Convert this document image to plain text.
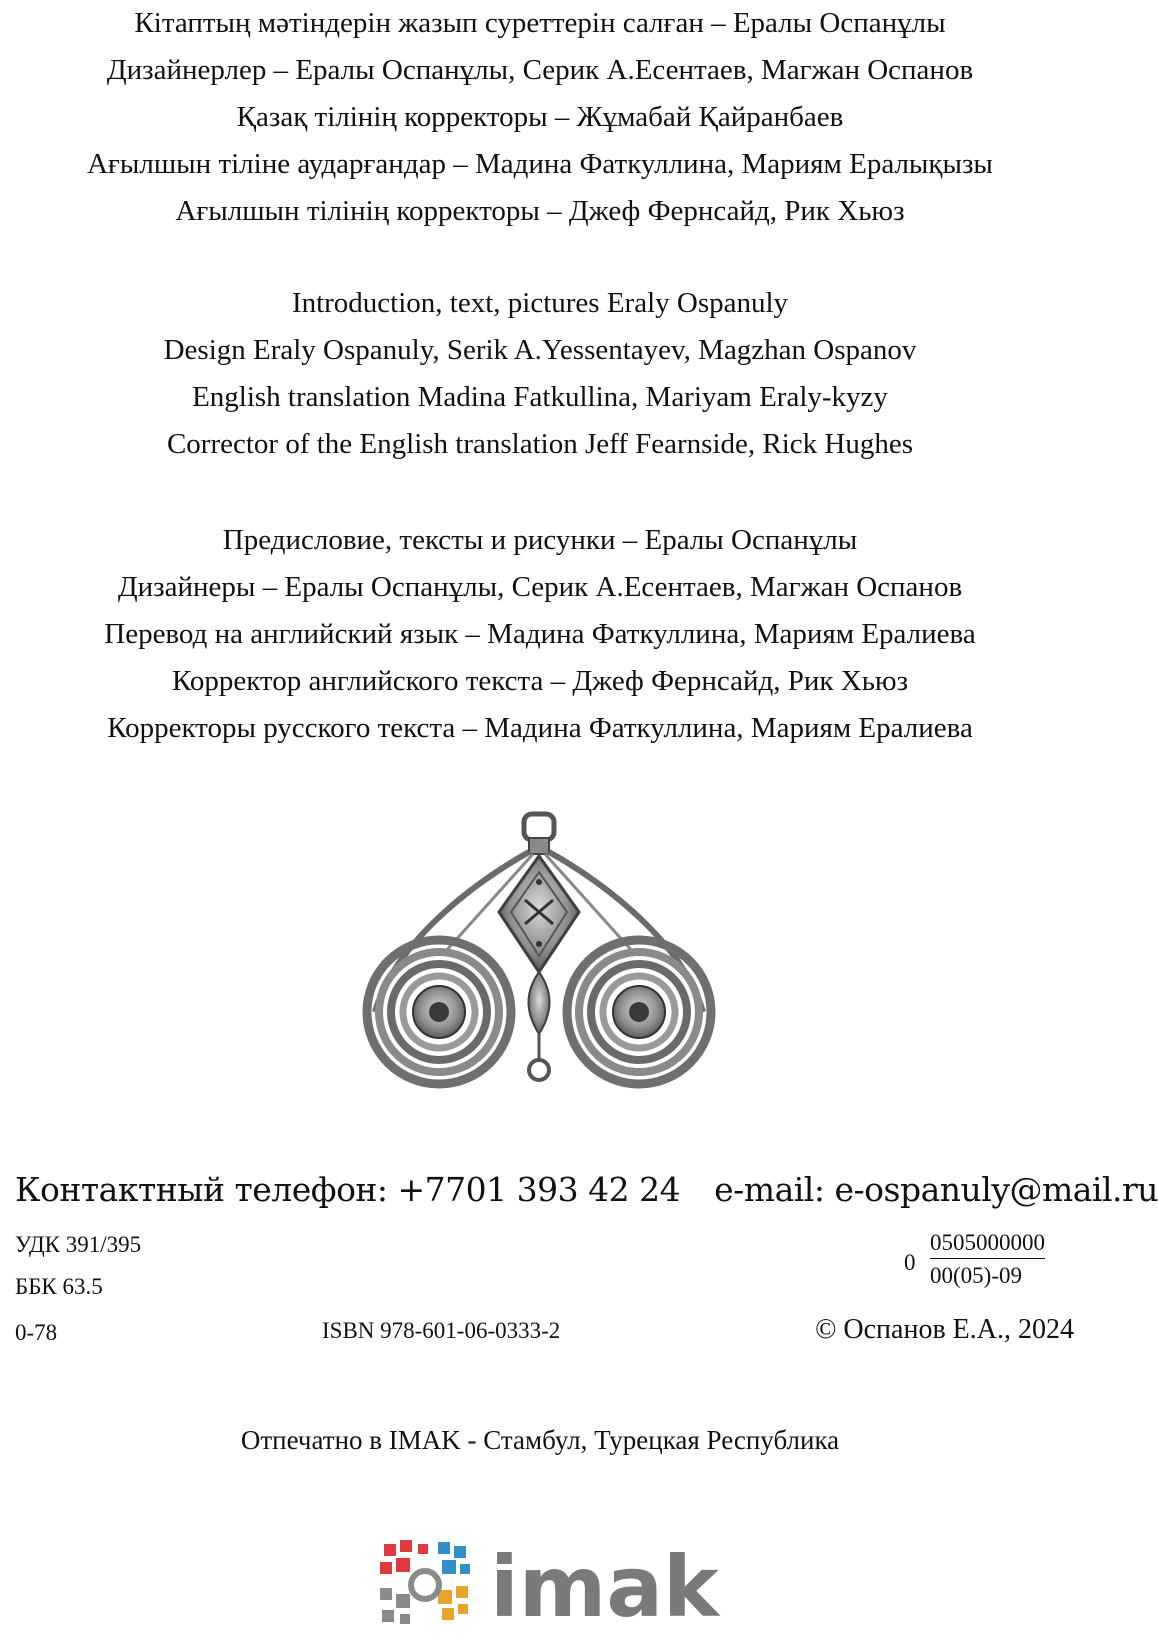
Кітаптың мәтіндерін жазып суреттерін салған – Ералы Оспанұлы
Дизайнерлер – Ералы Оспанұлы, Серик А.Есентаев, Магжан Оспанов
Қазақ тілінің корректоры – Жұмабай Қайранбаев
Ағылшын тіліне аударғандар – Мадина Фаткуллина, Мариям Ералықызы
Ағылшын тілінің корректоры – Джеф Фернсайд, Рик Хьюз
Introduction, text, pictures Eraly Ospanuly
Design Eraly Ospanuly, Serik A.Yessentayev, Magzhan Ospanov
English translation Madina Fatkullina, Mariyam Eraly-kyzy
Corrector of the English translation Jeff Fearnside, Rick Hughes
Предисловие, тексты и рисунки – Ералы Оспанұлы
Дизайнеры – Ералы Оспанұлы, Серик А.Есентаев, Магжан Оспанов
Перевод на английский язык – Мадина Фаткуллина, Мариям Ералиева
Корректор английского текста – Джеф Фернсайд, Рик Хьюз
Корректоры русского текста – Мадина Фаткуллина, Мариям Ералиева
Контактный телефон: +7701 393 42 24 e-mail: e-ospanuly@mail.ru
УДК 391/395
ББК 63.5
0-78	ISBN 978-601-06-0333-2	© Оспанов Е.А., 2024
0
0505000000
00(05)-09
Отпечатно в IMAK - Стамбул, Турецкая Республика
imak
